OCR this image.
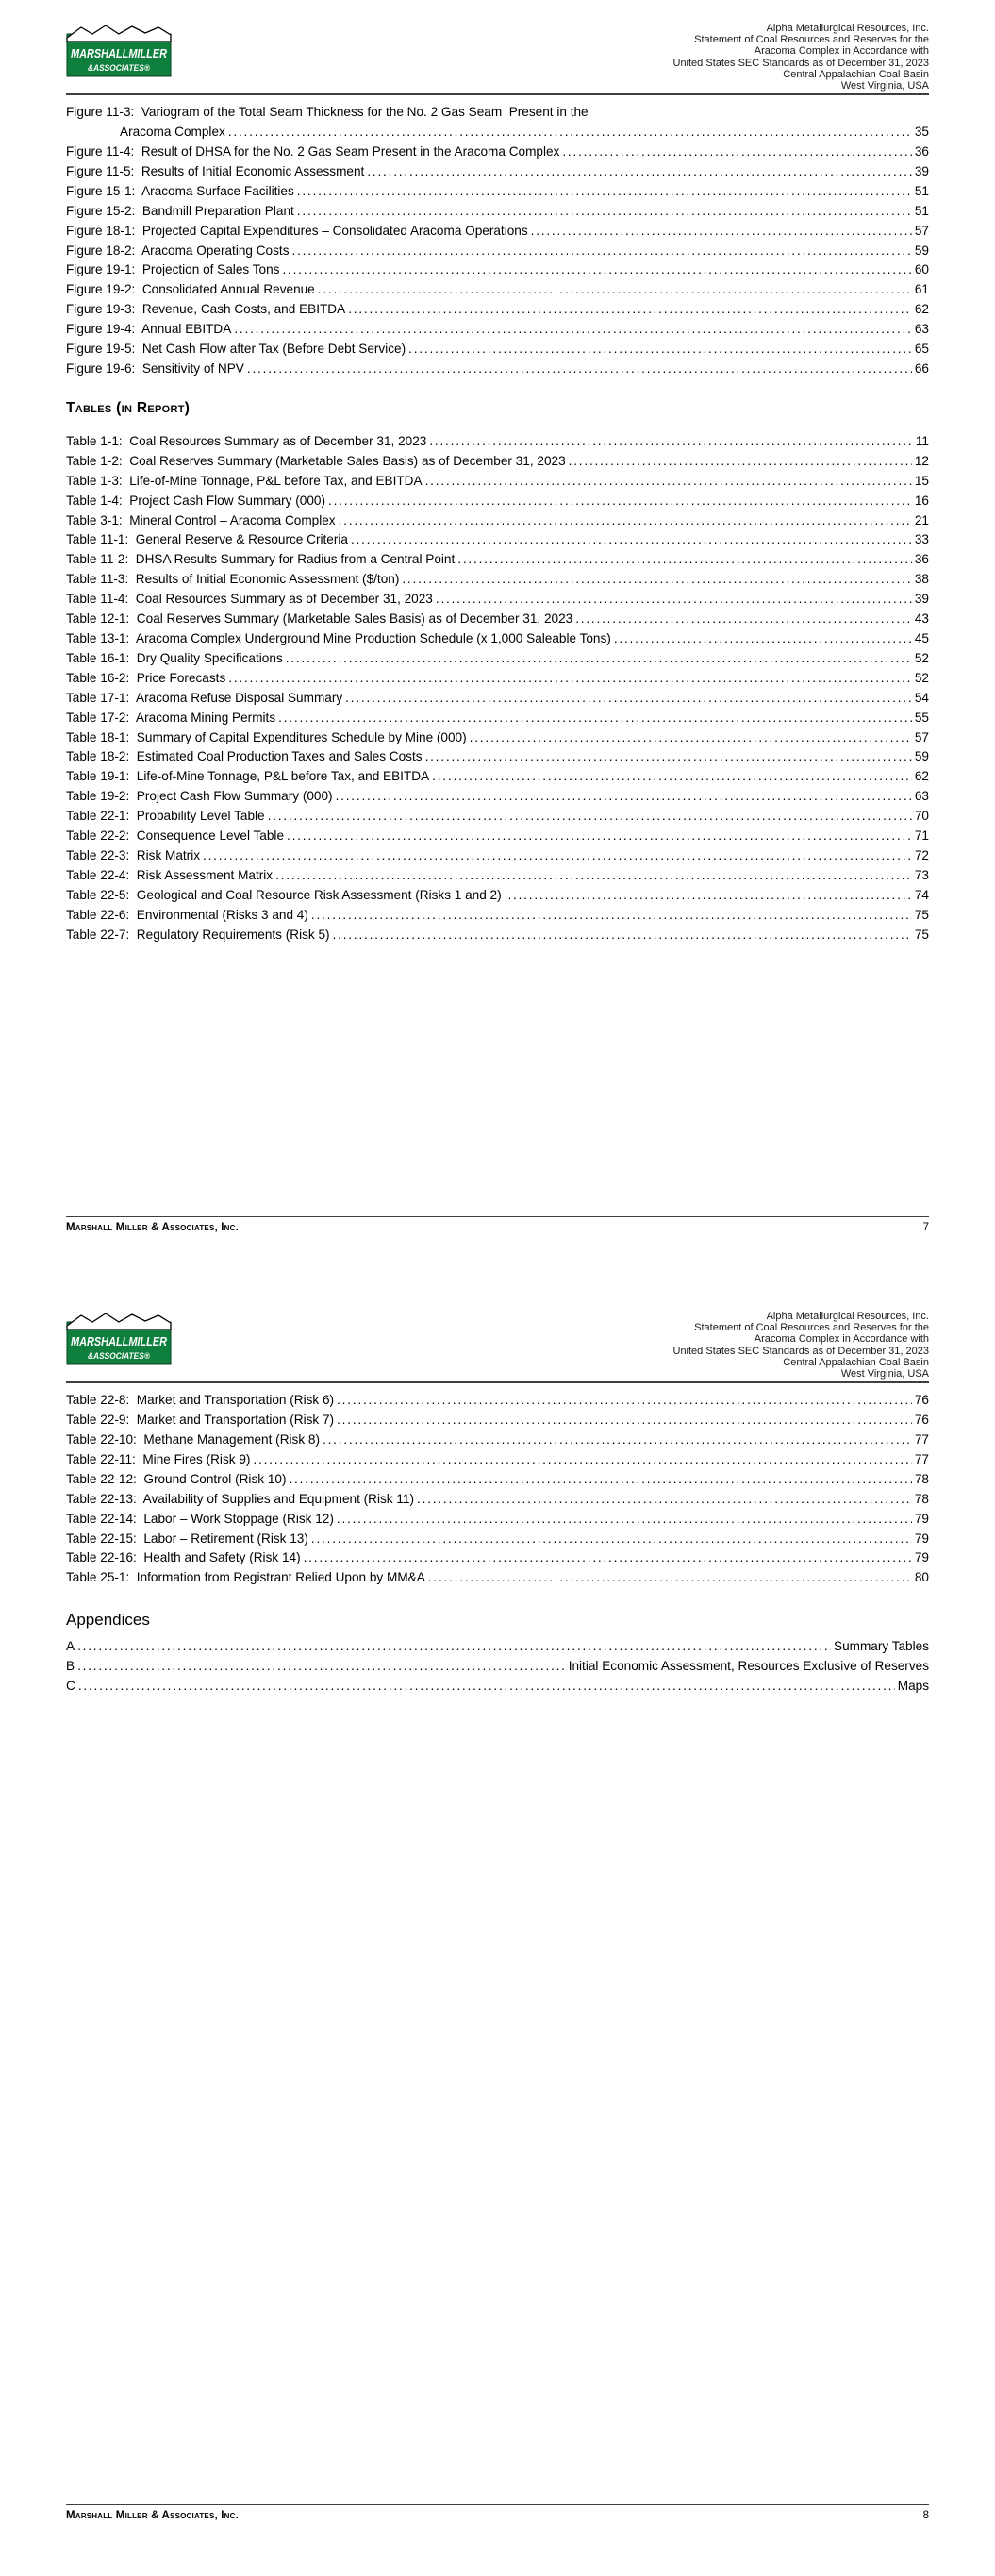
MARSHALLMILLER
&ASSOCIATES®
Alpha Metallurgical Resources, Inc.
Statement of Coal Resources and Reserves for the
Aracoma Complex in Accordance with
United States SEC Standards as of December 31, 2023
Central Appalachian Coal Basin
West Virginia, USA
Figure 11-3:  Variogram of the Total Seam Thickness for the No. 2 Gas Seam  Present in the
Aracoma Complex .....	35
Figure 11-4:  Result of DHSA for the No. 2 Gas Seam Present in the Aracoma Complex .....	36
Figure 11-5:  Results of Initial Economic Assessment .....	39
Figure 15-1:  Aracoma Surface Facilities .....	51
Figure 15-2:  Bandmill Preparation Plant .....	51
Figure 18-1:  Projected Capital Expenditures – Consolidated Aracoma Operations .....	57
Figure 18-2:  Aracoma Operating Costs .....	59
Figure 19-1:  Projection of Sales Tons .....	60
Figure 19-2:  Consolidated Annual Revenue .....	61
Figure 19-3:  Revenue, Cash Costs, and EBITDA .....	62
Figure 19-4:  Annual EBITDA .....	63
Figure 19-5:  Net Cash Flow after Tax (Before Debt Service) .....	65
Figure 19-6:  Sensitivity of NPV .....	66
Tables (in Report)
Table 1-1:  Coal Resources Summary as of December 31, 2023 .....	11
Table 1-2:  Coal Reserves Summary (Marketable Sales Basis) as of December 31, 2023 .....	12
Table 1-3:  Life-of-Mine Tonnage, P&L before Tax, and EBITDA .....	15
Table 1-4:  Project Cash Flow Summary (000) .....	16
Table 3-1:  Mineral Control – Aracoma Complex .....	21
Table 11-1:  General Reserve & Resource Criteria .....	33
Table 11-2:  DHSA Results Summary for Radius from a Central Point .....	36
Table 11-3:  Results of Initial Economic Assessment ($/ton) .....	38
Table 11-4:  Coal Resources Summary as of December 31, 2023 .....	39
Table 12-1:  Coal Reserves Summary (Marketable Sales Basis) as of December 31, 2023 .....	43
Table 13-1:  Aracoma Complex Underground Mine Production Schedule (x 1,000 Saleable Tons) .....	45
Table 16-1:  Dry Quality Specifications .....	52
Table 16-2:  Price Forecasts .....	52
Table 17-1:  Aracoma Refuse Disposal Summary .....	54
Table 17-2:  Aracoma Mining Permits .....	55
Table 18-1:  Summary of Capital Expenditures Schedule by Mine (000) .....	57
Table 18-2:  Estimated Coal Production Taxes and Sales Costs .....	59
Table 19-1:  Life-of-Mine Tonnage, P&L before Tax, and EBITDA .....	62
Table 19-2:  Project Cash Flow Summary (000) .....	63
Table 22-1:  Probability Level Table .....	70
Table 22-2:  Consequence Level Table .....	71
Table 22-3:  Risk Matrix .....	72
Table 22-4:  Risk Assessment Matrix .....	73
Table 22-5:  Geological and Coal Resource Risk Assessment (Risks 1 and 2) .....	74
Table 22-6:  Environmental (Risks 3 and 4) .....	75
Table 22-7:  Regulatory Requirements (Risk 5) .....	75
Marshall Miller & Associates, Inc.	7
MARSHALLMILLER
&ASSOCIATES®
Alpha Metallurgical Resources, Inc.
Statement of Coal Resources and Reserves for the
Aracoma Complex in Accordance with
United States SEC Standards as of December 31, 2023
Central Appalachian Coal Basin
West Virginia, USA
Table 22-8:  Market and Transportation (Risk 6) .....	76
Table 22-9:  Market and Transportation (Risk 7) .....	76
Table 22-10:  Methane Management (Risk 8) .....	77
Table 22-11:  Mine Fires (Risk 9) .....	77
Table 22-12:  Ground Control (Risk 10) .....	78
Table 22-13:  Availability of Supplies and Equipment (Risk 11) .....	78
Table 22-14:  Labor – Work Stoppage (Risk 12) .....	79
Table 22-15:  Labor – Retirement (Risk 13) .....	79
Table 22-16:  Health and Safety (Risk 14) .....	79
Table 25-1:  Information from Registrant Relied Upon by MM&A .....	80
Appendices
A .....	Summary Tables
B .....	Initial Economic Assessment, Resources Exclusive of Reserves
C .....	Maps
Marshall Miller & Associates, Inc.	8
